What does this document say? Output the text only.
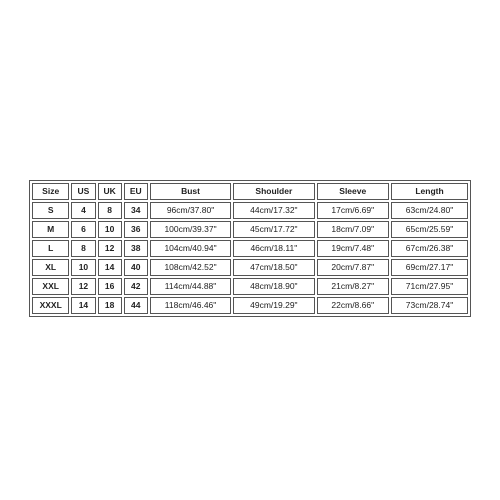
Size	US	UK	EU	Bust	Shoulder	Sleeve	Length
S	4	8	34	96cm/37.80"	44cm/17.32"	17cm/6.69"	63cm/24.80"
M	6	10	36	100cm/39.37"	45cm/17.72"	18cm/7.09"	65cm/25.59"
L	8	12	38	104cm/40.94"	46cm/18.11"	19cm/7.48"	67cm/26.38"
XL	10	14	40	108cm/42.52"	47cm/18.50"	20cm/7.87"	69cm/27.17"
XXL	12	16	42	114cm/44.88"	48cm/18.90"	21cm/8.27"	71cm/27.95"
XXXL	14	18	44	118cm/46.46"	49cm/19.29"	22cm/8.66"	73cm/28.74"
